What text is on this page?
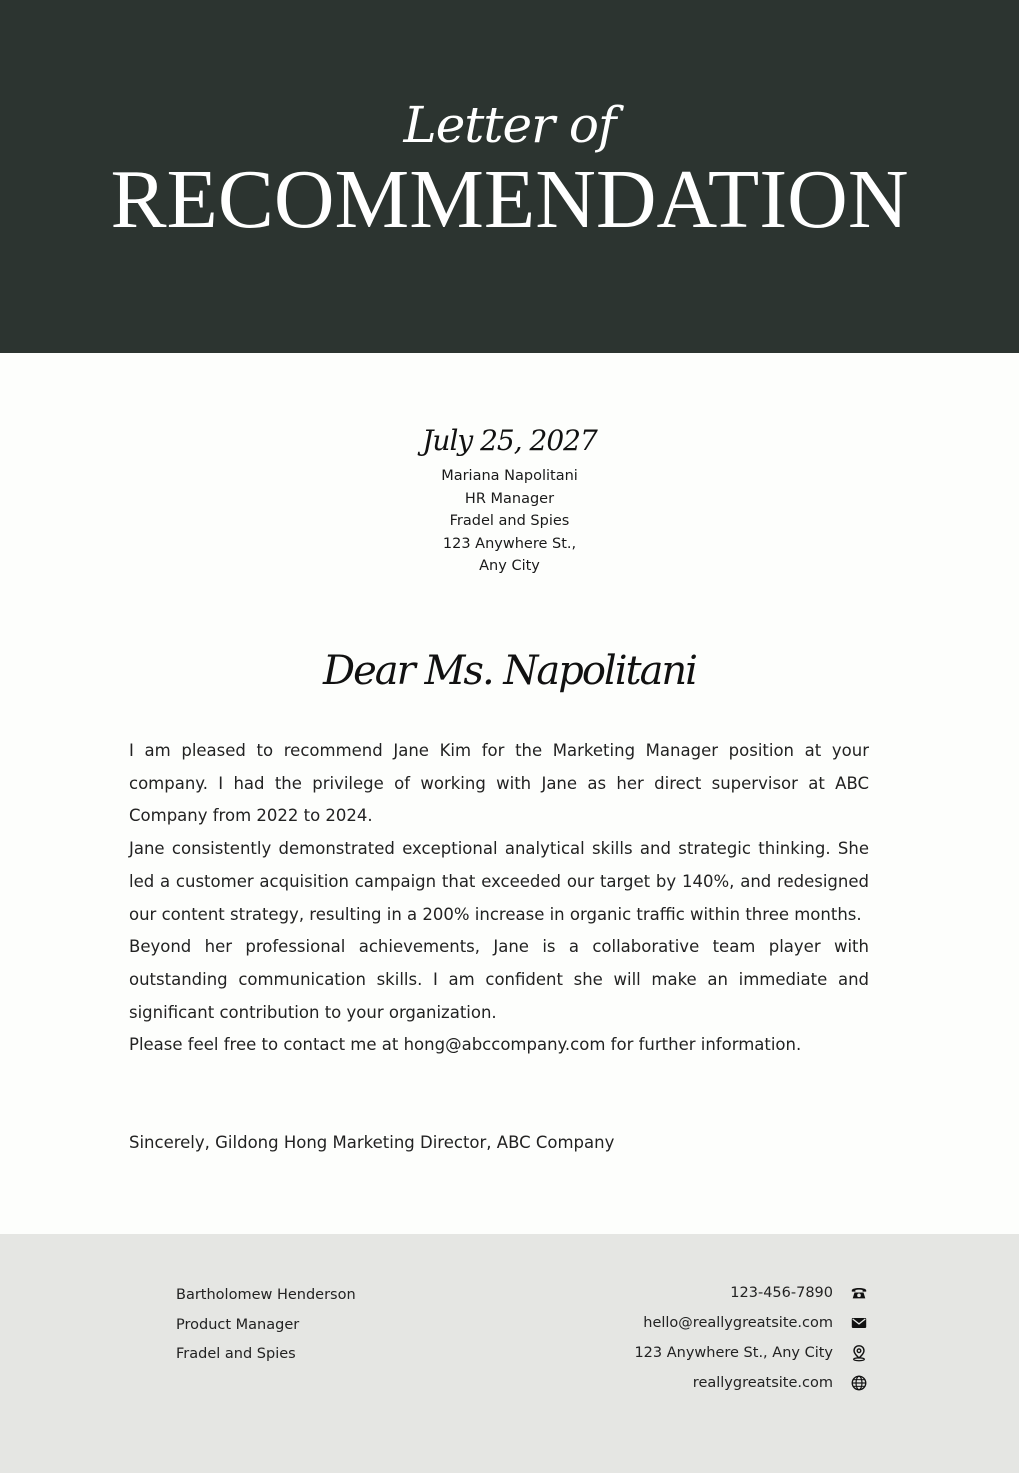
Letter of
RECOMMENDATION
July 25, 2027
Mariana Napolitani
HR Manager
Fradel and Spies
123 Anywhere St.,
Any City
Dear Ms. Napolitani

I am pleased to recommend Jane Kim for the Marketing Manager position at your company. I had the privilege of working with Jane as her direct supervisor at ABC Company from 2022 to 2024.

Jane consistently demonstrated exceptional analytical skills and strategic thinking. She led a customer acquisition campaign that exceeded our target by 140%, and redesigned our content strategy, resulting in a 200% increase in organic traffic within three months.

Beyond her professional achievements, Jane is a collaborative team player with outstanding communication skills. I am confident she will make an immediate and significant contribution to your organization.

Please feel free to contact me at hong@abccompany.com for further information.

Sincerely, Gildong Hong Marketing Director, ABC Company
Bartholomew Henderson
Product Manager
Fradel and Spies
123-456-7890
hello@reallygreatsite.com
123 Anywhere St., Any City
reallygreatsite.com
